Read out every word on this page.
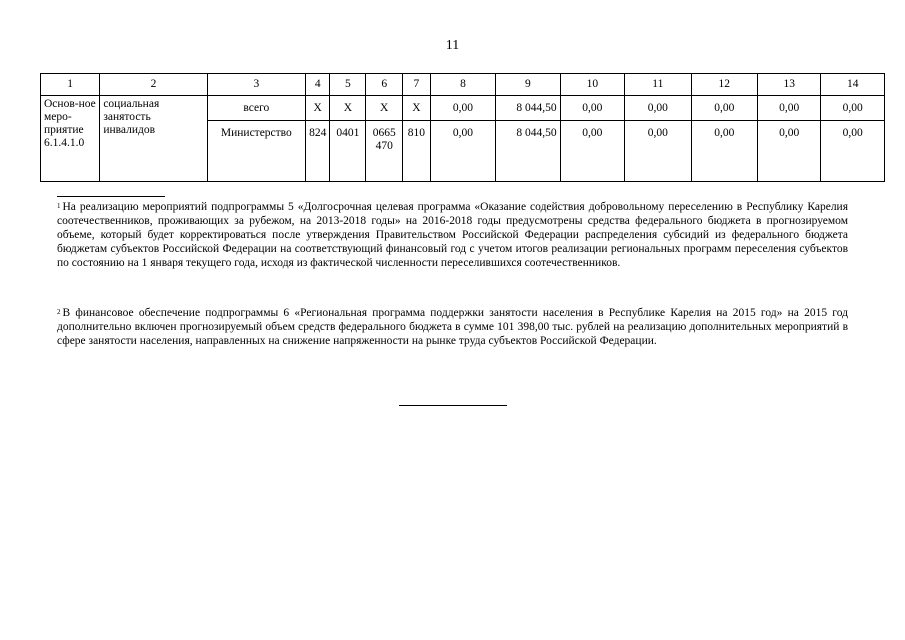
11
1	2	3	4	5	6	7	8	9	10	11	12	13	14
Основ-ное меро-приятие 6.1.4.1.0	социальная занятость инвалидов	всего	Х	Х	Х	Х	0,00	8 044,50	0,00	0,00	0,00	0,00	0,00
		Министерство	824	0401	0665 470	810	0,00	8 044,50	0,00	0,00	0,00	0,00	0,00

$^1$ На реализацию мероприятий подпрограммы 5 «Долгосрочная целевая программа «Оказание содействия добровольному переселению в Республику Карелия соотечественников, проживающих за рубежом, на 2013-2018 годы» на 2016-2018 годы предусмотрены средства федерального бюджета в прогнозируемом объеме, который будет корректироваться после утверждения Правительством Российской Федерации распределения субсидий из федерального бюджета бюджетам субъектов Российской Федерации на соответствующий финансовый год с учетом итогов реализации региональных программ переселения субъектов по состоянию на 1 января текущего года, исходя из фактической численности переселившихся соотечественников.

$^2$ В финансовое обеспечение подпрограммы 6 «Региональная программа поддержки занятости населения в Республике Карелия на 2015 год» на 2015 год дополнительно включен прогнозируемый объем средств федерального бюджета в сумме 101 398,00 тыс. рублей на реализацию дополнительных мероприятий в сфере занятости населения, направленных на снижение напряженности на рынке труда субъектов Российской Федерации.
